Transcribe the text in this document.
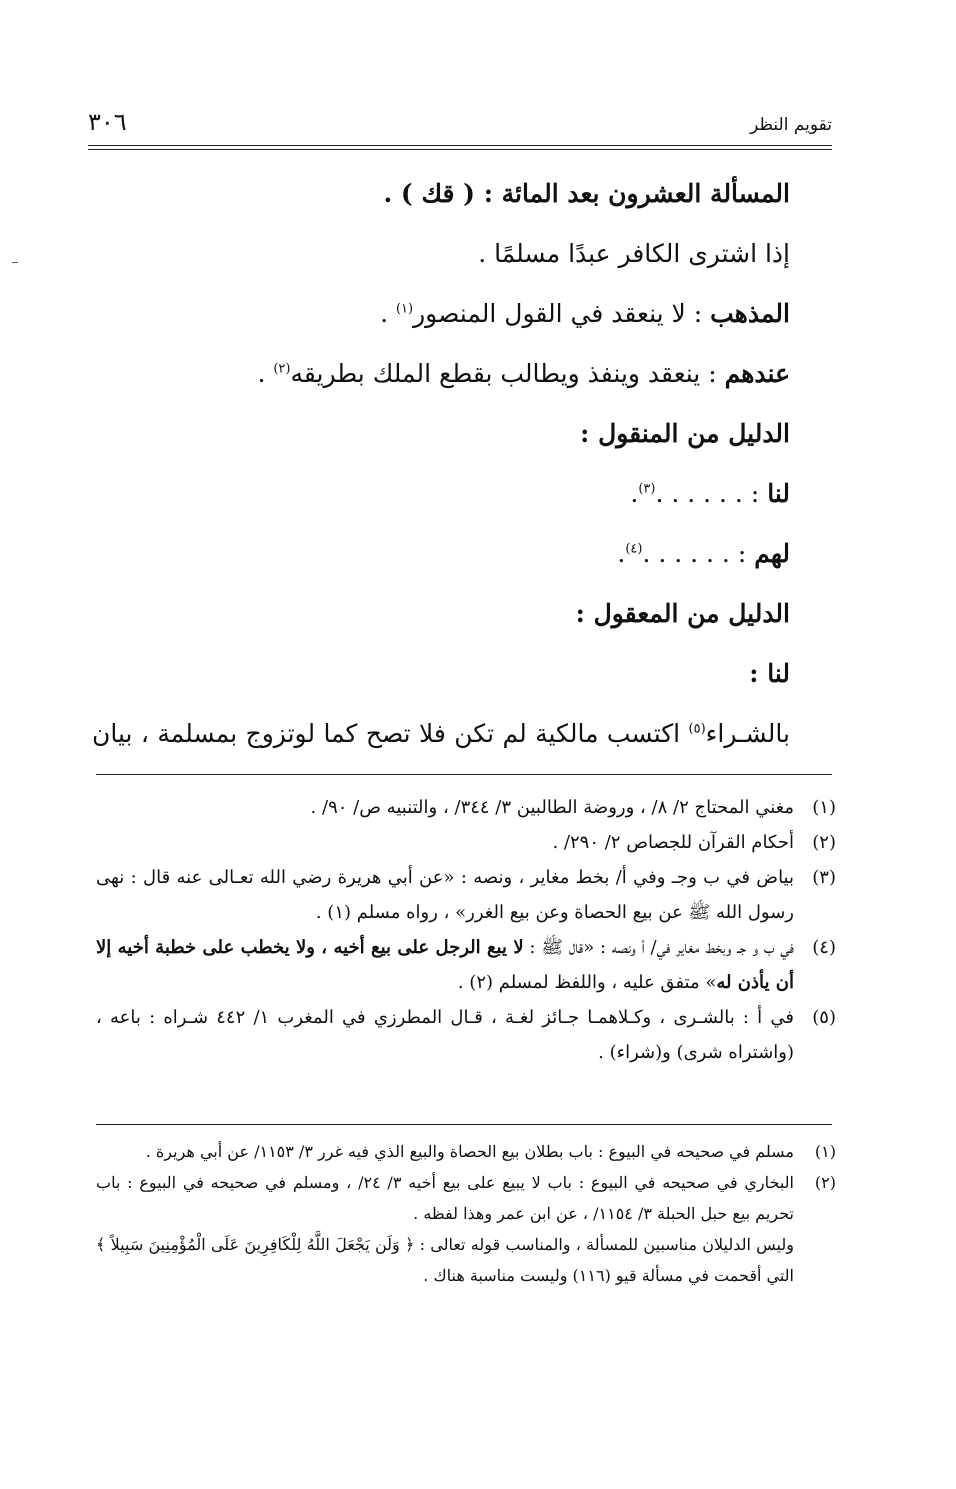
تقويم النظر
٣٠٦
المسألة العشرون بعد المائة : ( قك ) .
إذا اشترى الكافر عبدًا مسلمًا .
المذهب : لا ينعقد في القول المنصور$^{(١)}$ .
عندهم : ينعقد وينفذ ويطالب بقطع الملك بطريقه$^{(٢)}$ .
الدليل من المنقول :
لنا : . . . . . .$^{(٣)}$.
لهم : . . . . . .$^{(٤)}$.
الدليل من المعقول :
لنا :
بالشـراء$^{(٥)}$ اكتسب مالكية لم تكن فلا تصح كما لوتزوج بمسلمة ، بيان
(١)
مغني المحتاج ٢/ ٨/ ، وروضة الطالبين ٣/ ٣٤٤/ ، والتنبيه ص/ ٩٠/ .
(٢)
أحكام القرآن للجصاص ٢/ ٢٩٠/ .
(٣)
بياض في ب وجـ وفي أ/ بخط مغاير ، ونصه : «عن أبي هريرة رضي الله تعـالى عنه قال : نهى رسول الله ﷺ عن بيع الحصاة وعن بيع الغرر» ، رواه مسلم (١) .
(٤)
في ب و جـ وبخط مغاير في/ أ ونصه : «قال ﷺ : لا يبع الرجل على بيع أخيه ، ولا يخطب على خطبة أخيه إلا أن يأذن له» متفق عليه ، واللفظ لمسلم (٢) .
(٥)
في أ : بالشـرى ، وكـلاهمـا جـائز لغـة ، قـال المطرزي في المغرب ١/ ٤٤٢ شـراه : باعه ، (واشتراه شرى) و(شراء) .
(١)
مسلم في صحيحه في البيوع : باب بطلان بيع الحصاة والبيع الذي فيه غرر ٣/ ١١٥٣/ عن أبي هريرة .
(٢)
البخاري في صحيحه في البيوع : باب لا يبيع على بيع أخيه ٣/ ٢٤/ ، ومسلم في صحيحه في البيوع : باب تحريم بيع حبل الحبلة ٣/ ١١٥٤/ ، عن ابن عمر وهذا لفظه .
وليس الدليلان مناسبين للمسألة ، والمناسب قوله تعالى : ﴿ وَلَن يَجْعَلَ اللَّهُ لِلْكَافِرِينَ عَلَى الْمُؤْمِنِينَ سَبِيلاً ﴾ التي أقحمت في مسألة قيو (١١٦) وليست مناسبة هناك .
